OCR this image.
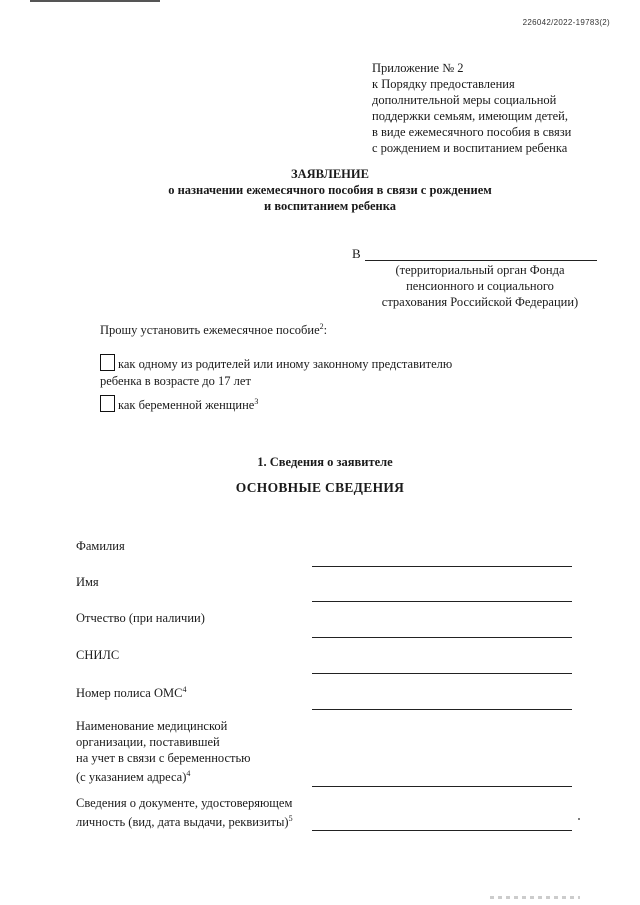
226042/2022-19783(2)
Приложение № 2
к Порядку предоставления
дополнительной меры социальной
поддержки семьям, имеющим детей,
в виде ежемесячного пособия в связи
с рождением и воспитанием ребенка
ЗАЯВЛЕНИЕ
о назначении ежемесячного пособия в связи с рождением
и воспитанием ребенка
В
(территориальный орган Фонда
пенсионного и социального
страхования Российской Федерации)
Прошу установить ежемесячное пособие$^2$:
как одному из родителей или иному законному представителю
ребенка в возрасте до 17 лет
как беременной женщине$^3$
1. Сведения о заявителе
ОСНОВНЫЕ СВЕДЕНИЯ
Фамилия
Имя
Отчество (при наличии)
СНИЛС
Номер полиса ОМС$^4$
Наименование медицинской
организации, поставившей
на учет в связи с беременностью
(с указанием адреса)$^4$
Сведения о документе, удостоверяющем
личность (вид, дата выдачи, реквизиты)$^5$
